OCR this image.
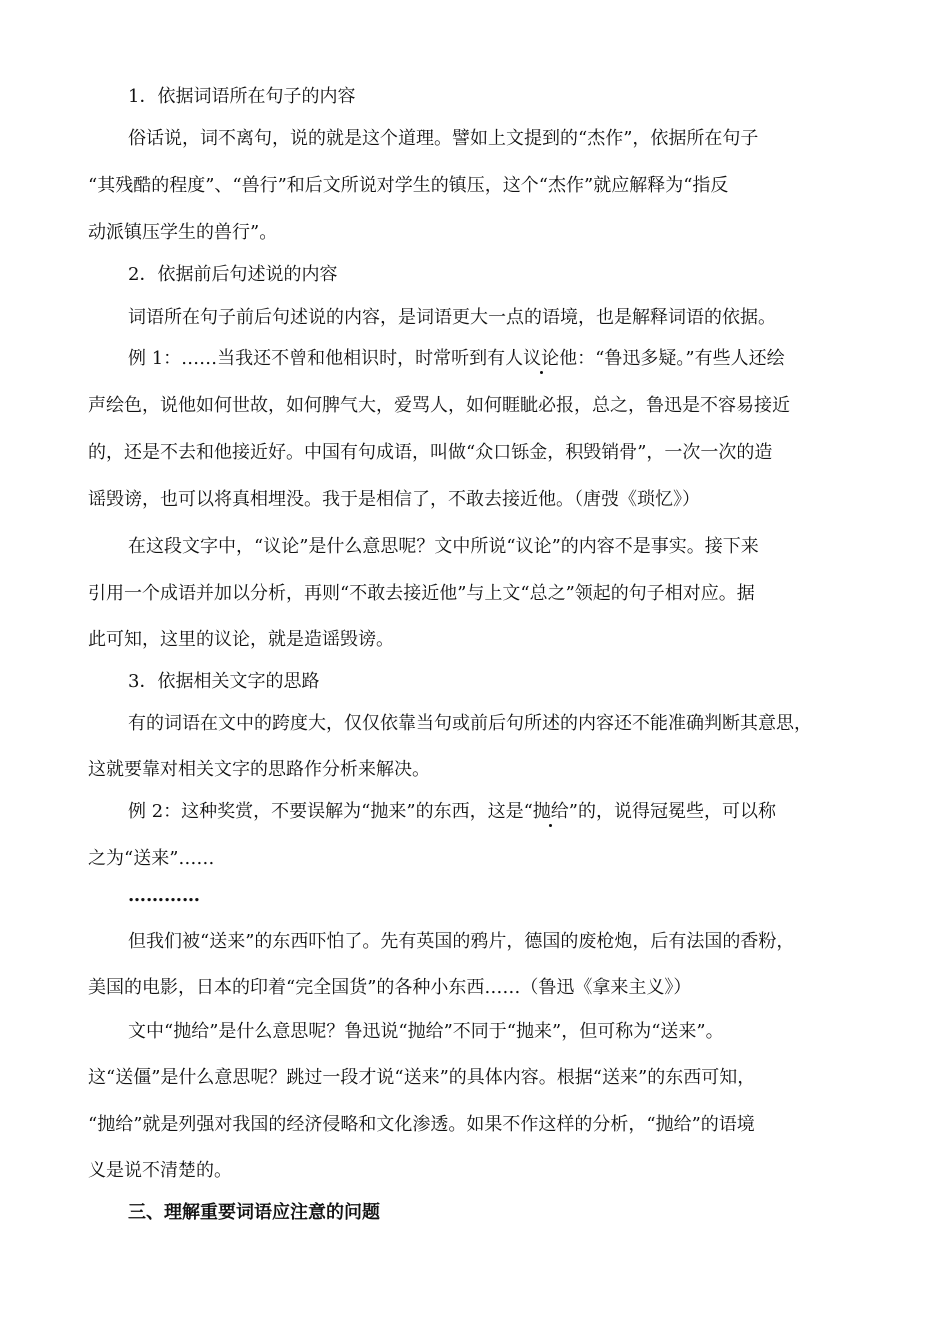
1．依据词语所在句子的内容
俗话说，词不离句，说的就是这个道理。譬如上文提到的“杰作”，依据所在句子
“其残酷的程度”、“兽行”和后文所说对学生的镇压，这个“杰作”就应解释为“指反
动派镇压学生的兽行”。
2．依据前后句述说的内容
词语所在句子前后句述说的内容，是词语更大一点的语境，也是解释词语的依据。
例 1：……当我还不曾和他相识时，时常听到有人议论他：“鲁迅多疑。”有些人还绘
声绘色，说他如何世故，如何脾气大，爱骂人，如何睚眦必报，总之，鲁迅是不容易接近
的，还是不去和他接近好。中国有句成语，叫做“众口铄金，积毁销骨”，一次一次的造
谣毁谤，也可以将真相埋没。我于是相信了，不敢去接近他。（唐弢《琐忆》）
在这段文字中，“议论”是什么意思呢？文中所说“议论”的内容不是事实。接下来
引用一个成语并加以分析，再则“不敢去接近他”与上文“总之”领起的句子相对应。据
此可知，这里的议论，就是造谣毁谤。
3．依据相关文字的思路
有的词语在文中的跨度大，仅仅依靠当句或前后句所述的内容还不能准确判断其意思，
这就要靠对相关文字的思路作分析来解决。
例 2：这种奖赏，不要误解为“抛来”的东西，这是“抛给”的，说得冠冕些，可以称
之为“送来”……
…………
但我们被“送来”的东西吓怕了。先有英国的鸦片，德国的废枪炮，后有法国的香粉，
美国的电影，日本的印着“完全国货”的各种小东西……（鲁迅《拿来主义》）
文中“抛给”是什么意思呢？鲁迅说“抛给”不同于“抛来”，但可称为“送来”。
这“送僵”是什么意思呢？跳过一段才说“送来”的具体内容。根据“送来”的东西可知，
“抛给”就是列强对我国的经济侵略和文化渗透。如果不作这样的分析，“抛给”的语境
义是说不清楚的。
三、理解重要词语应注意的问题
